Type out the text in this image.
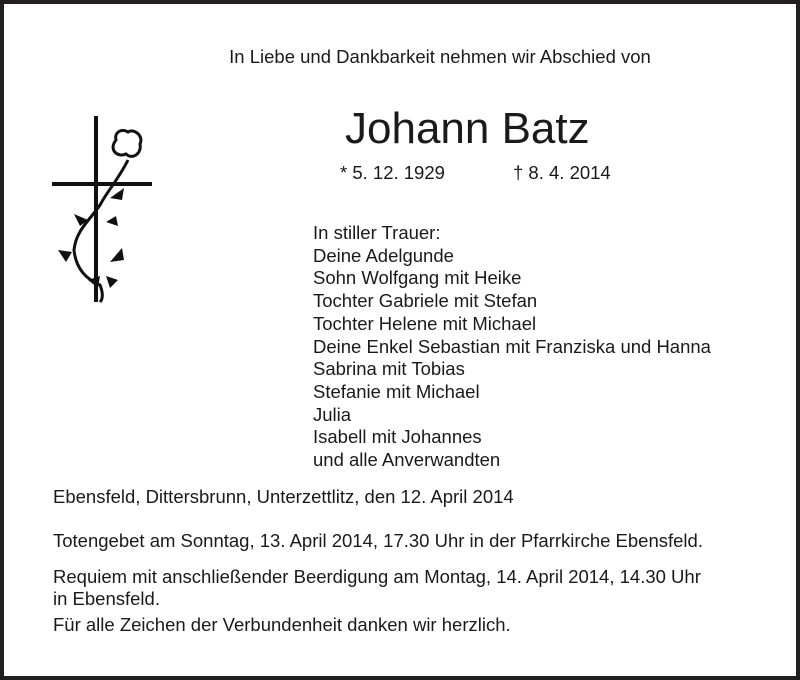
In Liebe und Dankbarkeit nehmen wir Abschied von
Johann Batz
* 5. 12. 1929	† 8. 4. 2014
In stiller Trauer:
Deine Adelgunde
Sohn Wolfgang mit Heike
Tochter Gabriele mit Stefan
Tochter Helene mit Michael
Deine Enkel Sebastian mit Franziska und Hanna
Sabrina mit Tobias
Stefanie mit Michael
Julia
Isabell mit Johannes
und alle Anverwandten
Ebensfeld, Dittersbrunn, Unterzettlitz, den 12. April 2014
Totengebet am Sonntag, 13. April 2014, 17.30 Uhr in der Pfarrkirche Ebensfeld.
Requiem mit anschließender Beerdigung am Montag, 14. April 2014, 14.30 Uhr
in Ebensfeld.
Für alle Zeichen der Verbundenheit danken wir herzlich.
